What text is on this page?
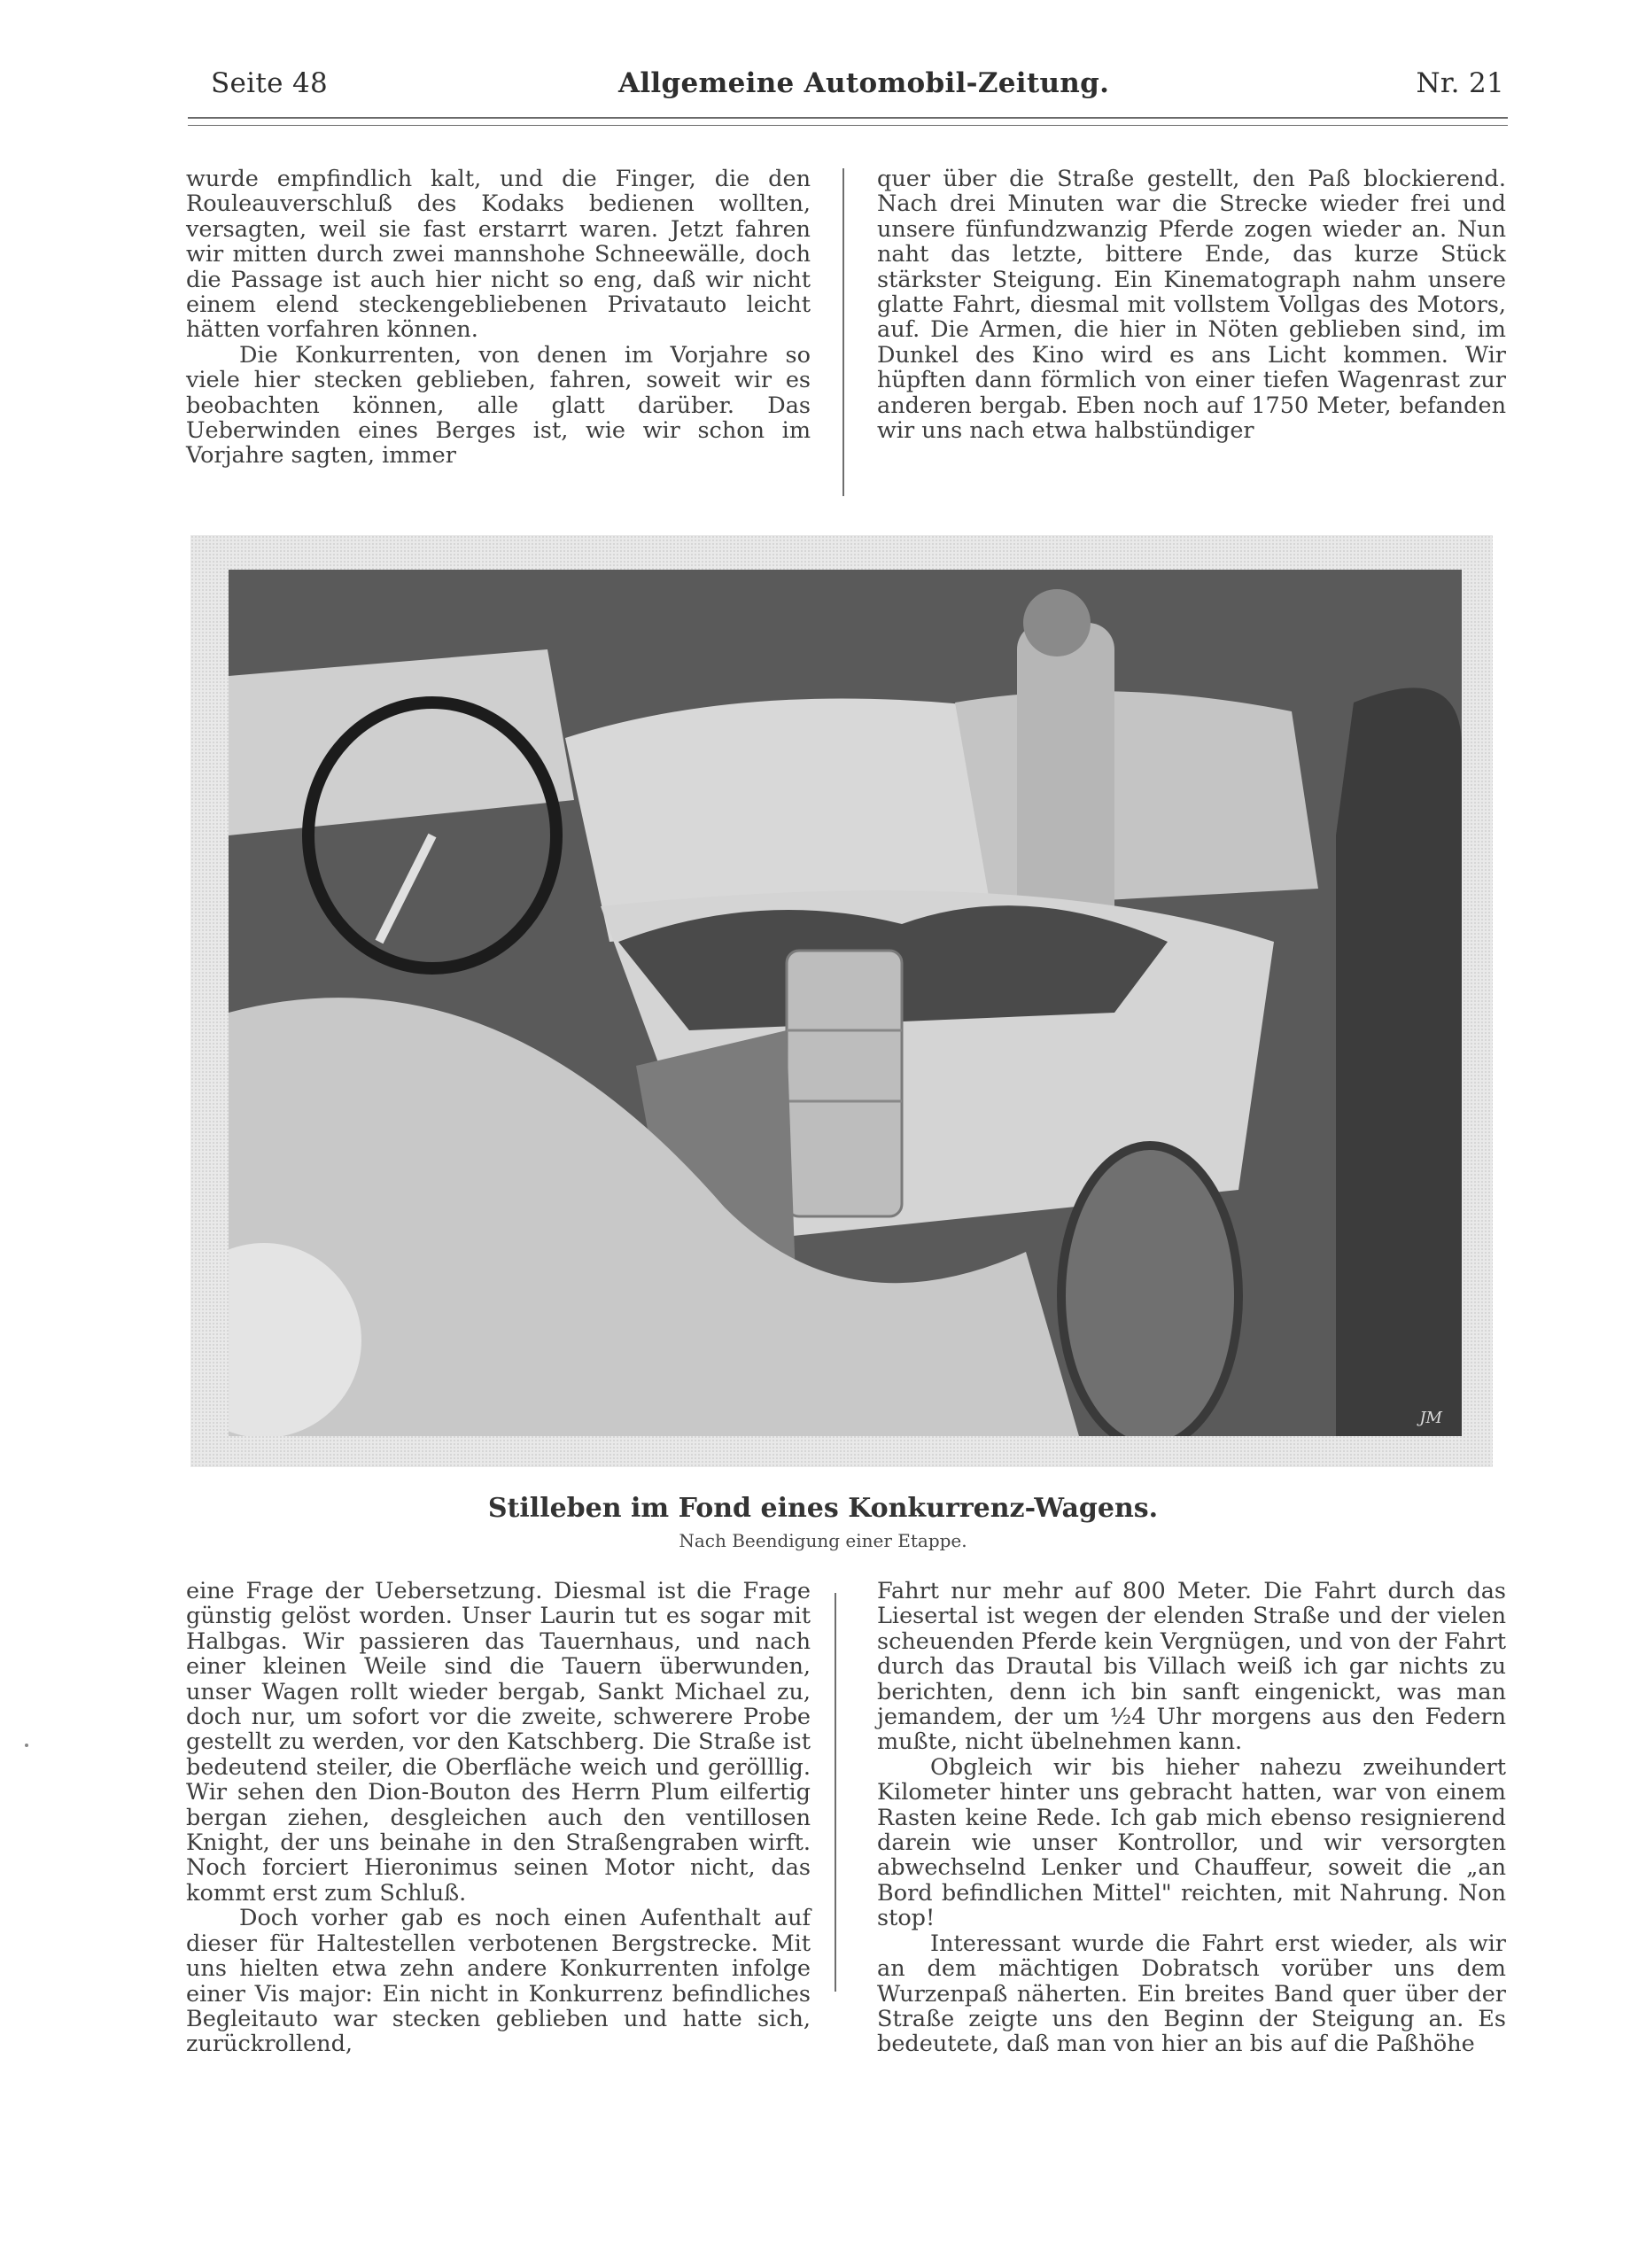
Seite 48	Allgemeine Automobil-Zeitung.	Nr. 21

wurde empfindlich kalt, und die Finger, die den Rouleauverschluß des Kodaks bedienen wollten, versagten, weil sie fast erstarrt waren. Jetzt fahren wir mitten durch zwei mannshohe Schneewälle, doch die Passage ist auch hier nicht so eng, daß wir nicht einem elend steckengebliebenen Privatauto leicht hätten vorfahren können.

Die Konkurrenten, von denen im Vorjahre so viele hier stecken geblieben, fahren, soweit wir es beobachten können, alle glatt darüber. Das Ueberwinden eines Berges ist, wie wir schon im Vorjahre sagten, immer

quer über die Straße gestellt, den Paß blockierend. Nach drei Minuten war die Strecke wieder frei und unsere fünfundzwanzig Pferde zogen wieder an. Nun naht das letzte, bittere Ende, das kurze Stück stärkster Steigung. Ein Kinematograph nahm unsere glatte Fahrt, diesmal mit vollstem Vollgas des Motors, auf. Die Armen, die hier in Nöten geblieben sind, im Dunkel des Kino wird es ans Licht kommen. Wir hüpften dann förmlich von einer tiefen Wagenrast zur anderen bergab. Eben noch auf 1750 Meter, befanden wir uns nach etwa halbstündiger

JM
Stilleben im Fond eines Konkurrenz-Wagens.
Nach Beendigung einer Etappe.

eine Frage der Uebersetzung. Diesmal ist die Frage günstig gelöst worden. Unser Laurin tut es sogar mit Halbgas. Wir passieren das Tauernhaus, und nach einer kleinen Weile sind die Tauern überwunden, unser Wagen rollt wieder bergab, Sankt Michael zu, doch nur, um sofort vor die zweite, schwerere Probe gestellt zu werden, vor den Katschberg. Die Straße ist bedeutend steiler, die Oberfläche weich und gerölllig. Wir sehen den Dion-Bouton des Herrn Plum eilfertig bergan ziehen, desgleichen auch den ventillosen Knight, der uns beinahe in den Straßengraben wirft. Noch forciert Hieronimus seinen Motor nicht, das kommt erst zum Schluß.

Doch vorher gab es noch einen Aufenthalt auf dieser für Haltestellen verbotenen Bergstrecke. Mit uns hielten etwa zehn andere Konkurrenten infolge einer Vis major: Ein nicht in Konkurrenz befindliches Begleitauto war stecken geblieben und hatte sich, zurückrollend,

Fahrt nur mehr auf 800 Meter. Die Fahrt durch das Liesertal ist wegen der elenden Straße und der vielen scheuenden Pferde kein Vergnügen, und von der Fahrt durch das Drautal bis Villach weiß ich gar nichts zu berichten, denn ich bin sanft eingenickt, was man jemandem, der um ½4 Uhr morgens aus den Federn mußte, nicht übelnehmen kann.

Obgleich wir bis hieher nahezu zweihundert Kilometer hinter uns gebracht hatten, war von einem Rasten keine Rede. Ich gab mich ebenso resignierend darein wie unser Kontrollor, und wir versorgten abwechselnd Lenker und Chauffeur, soweit die „an Bord befindlichen Mittel" reichten, mit Nahrung. Non stop!

Interessant wurde die Fahrt erst wieder, als wir an dem mächtigen Dobratsch vorüber uns dem Wurzenpaß näherten. Ein breites Band quer über der Straße zeigte uns den Beginn der Steigung an. Es bedeutete, daß man von hier an bis auf die Paßhöhe
